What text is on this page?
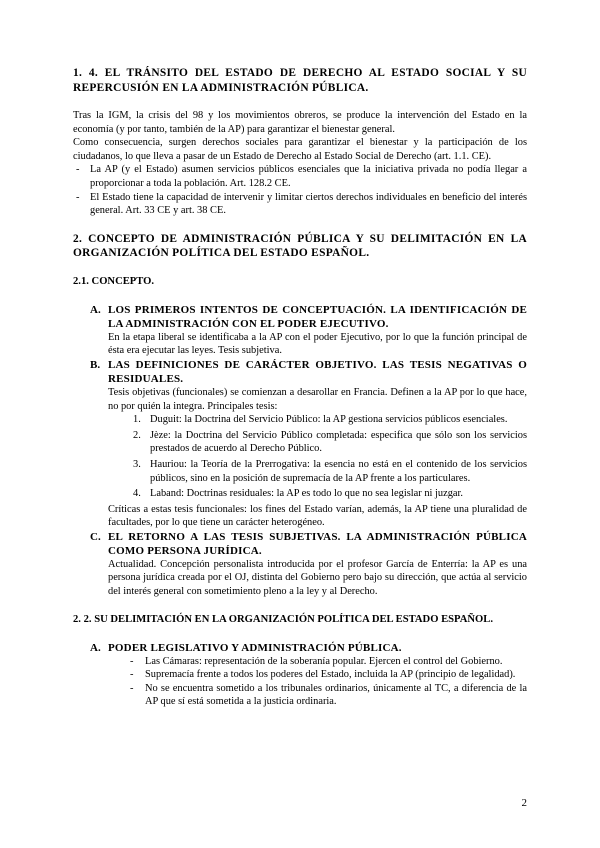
1. 4. EL TRÁNSITO DEL ESTADO DE DERECHO AL ESTADO SOCIAL Y SU REPERCUSIÓN EN LA ADMINISTRACIÓN PÚBLICA.

Tras la IGM, la crisis del 98 y los movimientos obreros, se produce la intervención del Estado en la economía (y por tanto, también de la AP) para garantizar el bienestar general.

Como consecuencia, surgen derechos sociales para garantizar el bienestar y la participación de los ciudadanos, lo que lleva a pasar de un Estado de Derecho al Estado Social de Derecho (art. 1.1. CE).

- La AP (y el Estado) asumen servicios públicos esenciales que la iniciativa privada no podía llegar a proporcionar a toda la población. Art. 128.2 CE.
- El Estado tiene la capacidad de intervenir y limitar ciertos derechos individuales en beneficio del interés general. Art. 33 CE y art. 38 CE.
2. CONCEPTO DE ADMINISTRACIÓN PÚBLICA Y SU DELIMITACIÓN EN LA ORGANIZACIÓN POLÍTICA DEL ESTADO ESPAÑOL.
2.1. CONCEPTO.
A. LOS PRIMEROS INTENTOS DE CONCEPTUACIÓN. LA IDENTIFICACIÓN DE LA ADMINISTRACIÓN CON EL PODER EJECUTIVO.

En la etapa liberal se identificaba a la AP con el poder Ejecutivo, por lo que la función principal de ésta era ejecutar las leyes. Tesis subjetiva.

B. LAS DEFINICIONES DE CARÁCTER OBJETIVO. LAS TESIS NEGATIVAS O RESIDUALES.

Tesis objetivas (funcionales) se comienzan a desarollar en Francia. Definen a la AP por lo que hace, no por quién la integra. Principales tesis:

1. Duguit: la Doctrina del Servicio Público: la AP gestiona servicios públicos esenciales.
2. Jèze: la Doctrina del Servicio Público completada: especifica que sólo son los servicios prestados de acuerdo al Derecho Público.
3. Hauriou: la Teoría de la Prerrogativa: la esencia no está en el contenido de los servicios públicos, sino en la posición de supremacía de la AP frente a los particulares.
4. Laband: Doctrinas residuales: la AP es todo lo que no sea legislar ni juzgar.

Críticas a estas tesis funcionales: los fines del Estado varían, además, la AP tiene una pluralidad de facultades, por lo que tiene un carácter heterogéneo.

C. EL RETORNO A LAS TESIS SUBJETIVAS. LA ADMINISTRACIÓN PÚBLICA COMO PERSONA JURÍDICA.

Actualidad. Concepción personalista introducida por el profesor García de Enterría: la AP es una persona jurídica creada por el OJ, distinta del Gobierno pero bajo su dirección, que actúa al servicio del interés general con sometimiento pleno a la ley y al Derecho.

2. 2. SU DELIMITACIÓN EN LA ORGANIZACIÓN POLÍTICA DEL ESTADO ESPAÑOL.
A. PODER LEGISLATIVO Y ADMINISTRACIÓN PÚBLICA.
- Las Cámaras: representación de la soberanía popular. Ejercen el control del Gobierno.
- Supremacía frente a todos los poderes del Estado, incluida la AP (principio de legalidad).
- No se encuentra sometido a los tribunales ordinarios, únicamente al TC, a diferencia de la AP que sí está sometida a la justicia ordinaria.
2
